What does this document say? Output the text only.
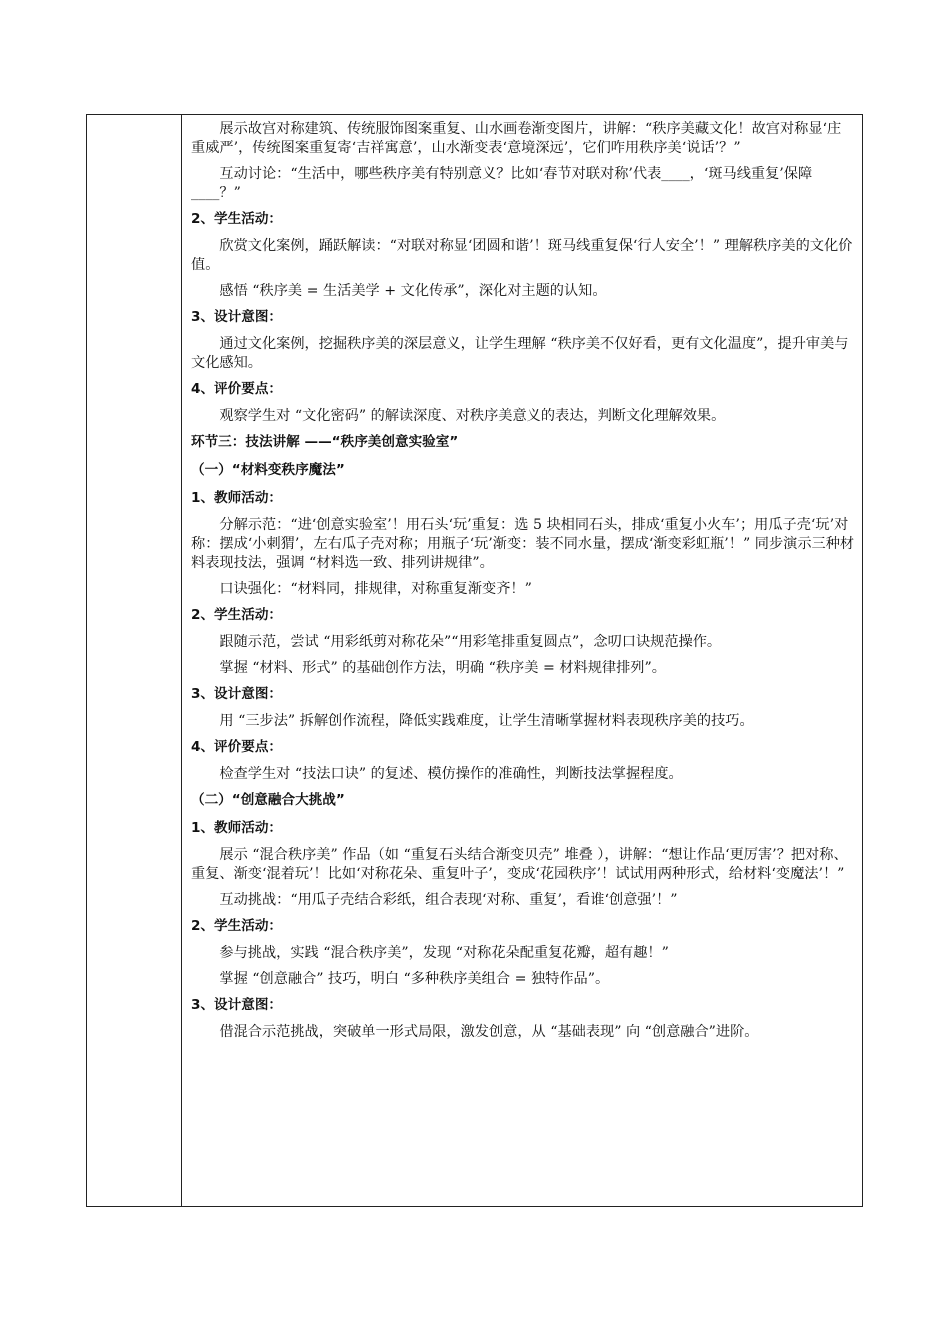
展示故宫对称建筑、传统服饰图案重复、山水画卷渐变图片，讲解：“秩序美藏文化！故宫对称显‘庄重威严’，传统图案重复寄‘吉祥寓意’，山水渐变表‘意境深远’，它们咋用秩序美‘说话’？”
互动讨论：“生活中，哪些秩序美有特别意义？比如‘春节对联对称’代表____，‘斑马线重复’保障____？”
2、学生活动：
欣赏文化案例，踊跃解读：“对联对称显‘团圆和谐’！斑马线重复保‘行人安全’！” 理解秩序美的文化价值。
感悟 “秩序美 = 生活美学 + 文化传承”，深化对主题的认知。
3、设计意图：
通过文化案例，挖掘秩序美的深层意义，让学生理解 “秩序美不仅好看，更有文化温度”，提升审美与文化感知。
4、评价要点：
观察学生对 “文化密码” 的解读深度、对秩序美意义的表达，判断文化理解效果。
环节三：技法讲解 ——“秩序美创意实验室”
（一）“材料变秩序魔法”
1、教师活动：
分解示范：“进‘创意实验室’！用石头‘玩’重复：选 5 块相同石头，排成‘重复小火车’；用瓜子壳‘玩’对称：摆成‘小刺猬’，左右瓜子壳对称；用瓶子‘玩’渐变：装不同水量，摆成‘渐变彩虹瓶’！” 同步演示三种材料表现技法，强调 “材料选一致、排列讲规律”。
口诀强化：“材料同，排规律，对称重复渐变齐！”
2、学生活动：
跟随示范，尝试 “用彩纸剪对称花朵”“用彩笔排重复圆点”，念叨口诀规范操作。
掌握 “材料、形式” 的基础创作方法，明确 “秩序美 = 材料规律排列”。
3、设计意图：
用 “三步法” 拆解创作流程，降低实践难度，让学生清晰掌握材料表现秩序美的技巧。
4、评价要点：
检查学生对 “技法口诀” 的复述、模仿操作的准确性，判断技法掌握程度。
（二）“创意融合大挑战”
1、教师活动：
展示 “混合秩序美” 作品（如 “重复石头结合渐变贝壳” 堆叠 ），讲解：“想让作品‘更厉害’？把对称、重复、渐变‘混着玩’！比如‘对称花朵、重复叶子’，变成‘花园秩序’！试试用两种形式，给材料‘变魔法’！”
互动挑战：“用瓜子壳结合彩纸，组合表现‘对称、重复’，看谁‘创意强’！”
2、学生活动：
参与挑战，实践 “混合秩序美”，发现 “对称花朵配重复花瓣，超有趣！”
掌握 “创意融合” 技巧，明白 “多种秩序美组合 = 独特作品”。
3、设计意图：
借混合示范挑战，突破单一形式局限，激发创意，从 “基础表现” 向 “创意融合”进阶。
